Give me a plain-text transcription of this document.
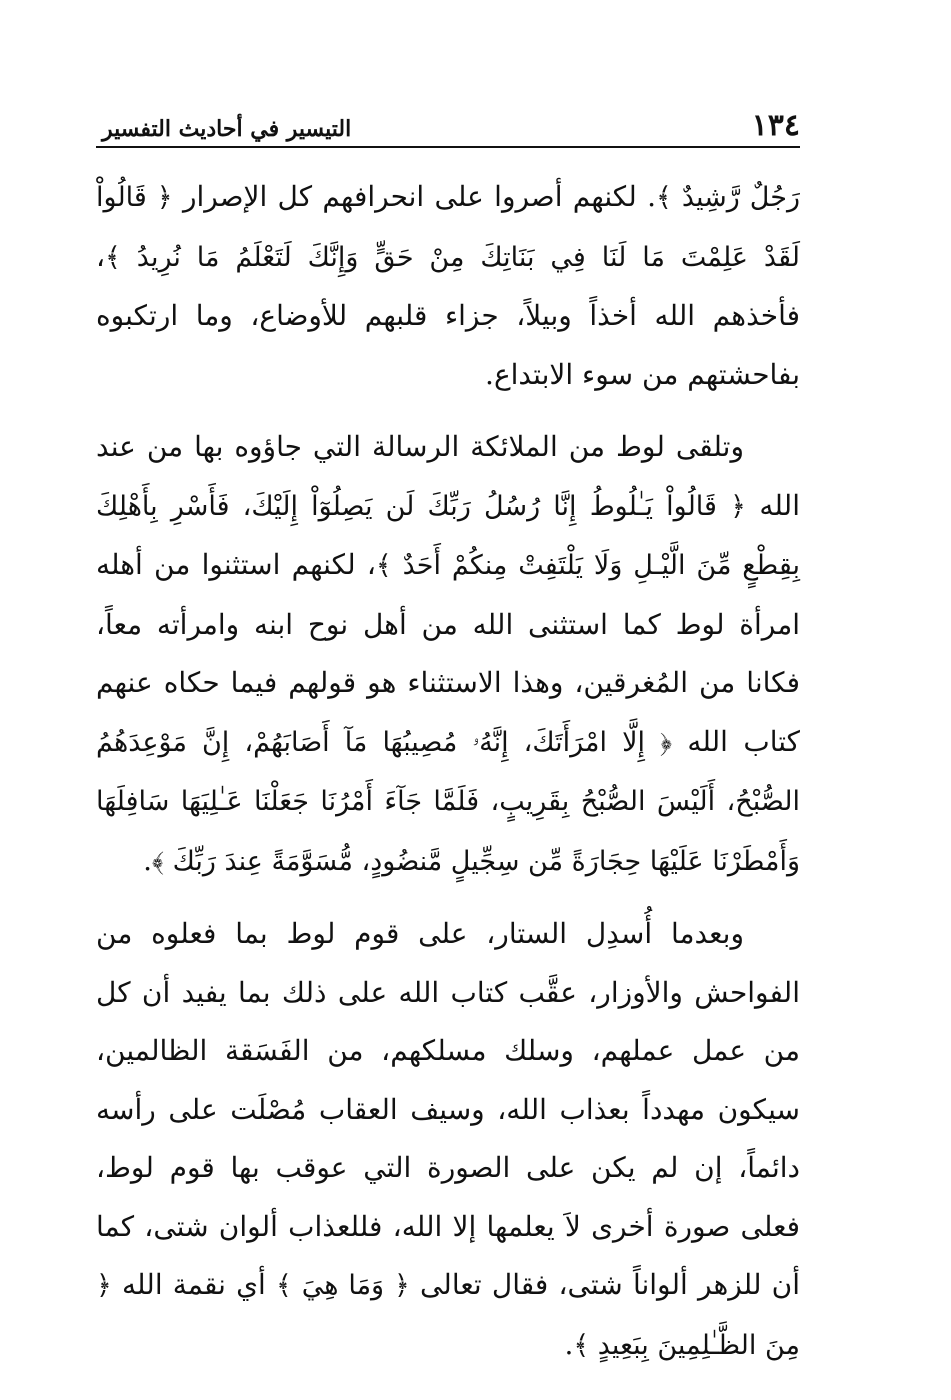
١٣٤
التيسير في أحاديث التفسير

رَجُلٌ رَّشِيدٌ ﴾. لكنهم أصروا على انحرافهم كل الإصرار ﴿ قَالُواْ لَقَدْ عَلِمْتَ مَا لَنَا فِي بَنَاتِكَ مِنْ حَقٍّ وَإِنَّكَ لَتَعْلَمُ مَا نُرِيدُ ﴾، فأخذهم الله أخذاً وبيلاً، جزاء قلبهم للأوضاع، وما ارتكبوه بفاحشتهم من سوء الابتداع.

وتلقى لوط من الملائكة الرسالة التي جاؤوه بها من عند الله ﴿ قَالُواْ يَـٰلُوطُ إِنَّا رُسُلُ رَبِّكَ لَن يَصِلُوٓاْ إِلَيْكَ، فَأَسْرِ بِأَهْلِكَ بِقِطْعٍ مِّنَ الَّيْـلِ وَلَا يَلْتَفِتْ مِنكُمْ أَحَدٌ ﴾، لكنهم استثنوا من أهله امرأة لوط كما استثنى الله من أهل نوح ابنه وامرأته معاً، فكانا من المُغرقين، وهذا الاستثناء هو قولهم فيما حكاه عنهم كتاب الله ﴿ إِلَّا امْرَأَتَكَ، إِنَّهُۥ مُصِيبُهَا مَآ أَصَابَهُمْ، إِنَّ مَوْعِدَهُمُ الصُّبْحُ، أَلَيْسَ الصُّبْحُ بِقَرِيبٍ، فَلَمَّا جَآءَ أَمْرُنَا جَعَلْنَا عَـٰلِيَهَا سَافِلَهَا وَأَمْطَرْنَا عَلَيْهَا حِجَارَةً مِّن سِجِّيلٍ مَّنضُودٍ، مُّسَوَّمَةً عِندَ رَبِّكَ ﴾.

وبعدما أُسدِل الستار، على قوم لوط بما فعلوه من الفواحش والأوزار، عقَّب كتاب الله على ذلك بما يفيد أن كل من عمل عملهم، وسلك مسلكهم، من الفَسَقة الظالمين، سيكون مهدداً بعذاب الله، وسيف العقاب مُصْلَت على رأسه دائماً، إن لم يكن على الصورة التي عوقب بها قوم لوط، فعلى صورة أخرى لاَ يعلمها إلا الله، فللعذاب ألوان شتى، كما أن للزهر ألواناً شتى، فقال تعالى ﴿ وَمَا هِيَ ﴾ أي نقمة الله ﴿ مِنَ الظَّـٰلِمِينَ بِبَعِيدٍ ﴾.
